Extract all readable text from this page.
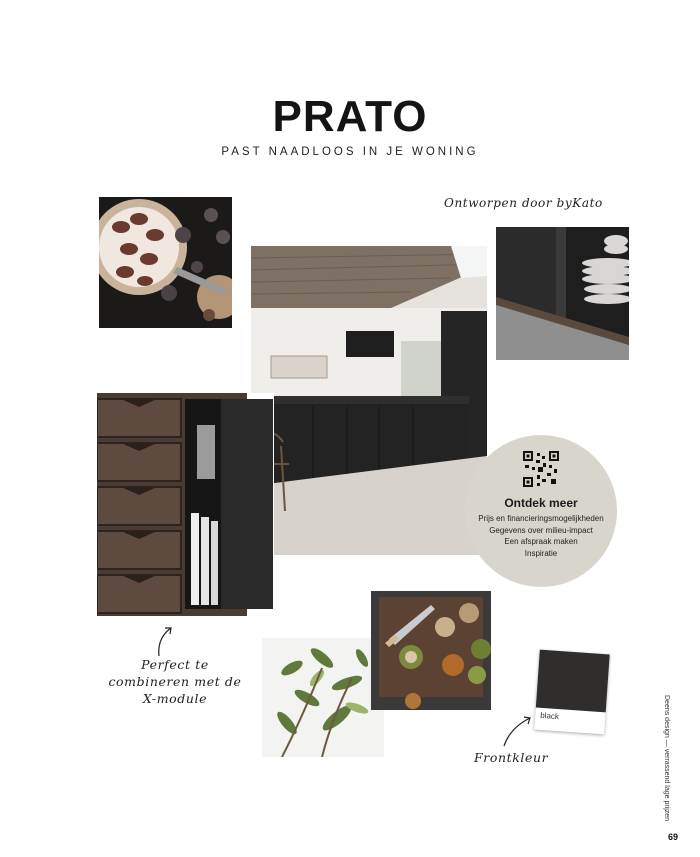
PRATO
PAST NAADLOOS IN JE WONING
Ontworpen door byKato
Ontdek meer
Prijs en financieringsmogelijkheden
Gegevens over milieu-impact
Een afspraak maken
Inspiratie
Perfect te
combineren met de
X-module
black
Frontkleur	Deens design — verrassend lage prijzen
69
